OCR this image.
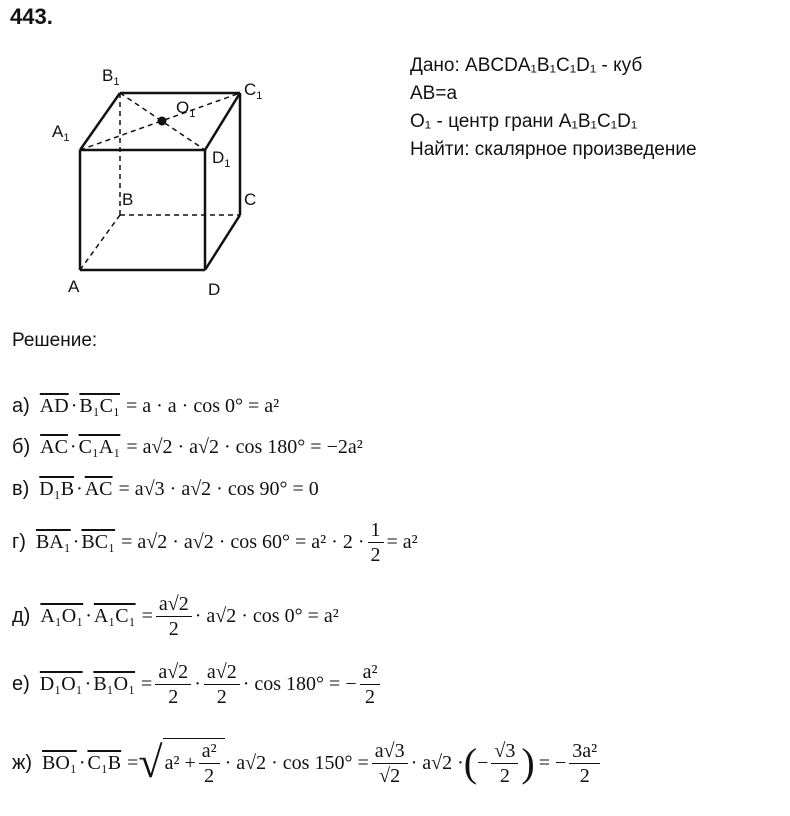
443.
$B_1$	$C_1$
$A_1$
$D_1$
$O_1$
B	C
A	D
Дано: ABCDA₁B₁C₁D₁ - куб
AB=a
O₁ - центр грани A₁B₁C₁D₁
Найти: скалярное произведение
Решение:
а) $\overline{AD} \cdot B_1C_1 = a \cdot a \cdot \cos 0^\circ = a^2$
б) $\overline{AC} \cdot C_1A_1 = a√2 \cdot a√2 \cdot \cos 180^\circ = -2a^2$
в) $D_1B \cdot \overline{AC} = a√3 \cdot a√2 \cdot \cos 90^\circ = 0$
г) $BA_1 \cdot BC_1 = a√2 \cdot a√2 \cdot \cos 60^\circ = a^2 \cdot 2 \cdot \frac{1}{2} = a^2$
д) $A_1O_1 \cdot A_1C_1 = \frac{a√2}{2} \cdot a√2 \cdot \cos 0^\circ = a^2$
е) $D_1O_1 \cdot B_1O_1 = \frac{a√2}{2} \cdot \frac{a√2}{2} \cdot \cos 180^\circ$ = − $\frac{\text{a²}}{2}$
ж) BO₁ · C₁B = √ $a^2 + \frac{\text{a²}}{2} \cdot a√2 \cdot \cos 150^\circ = \frac{a√3}{√2} \cdot a√2$ · ( − $\frac{√3}{2}$ ) = − $\frac{\text{3a²}}{2}$
